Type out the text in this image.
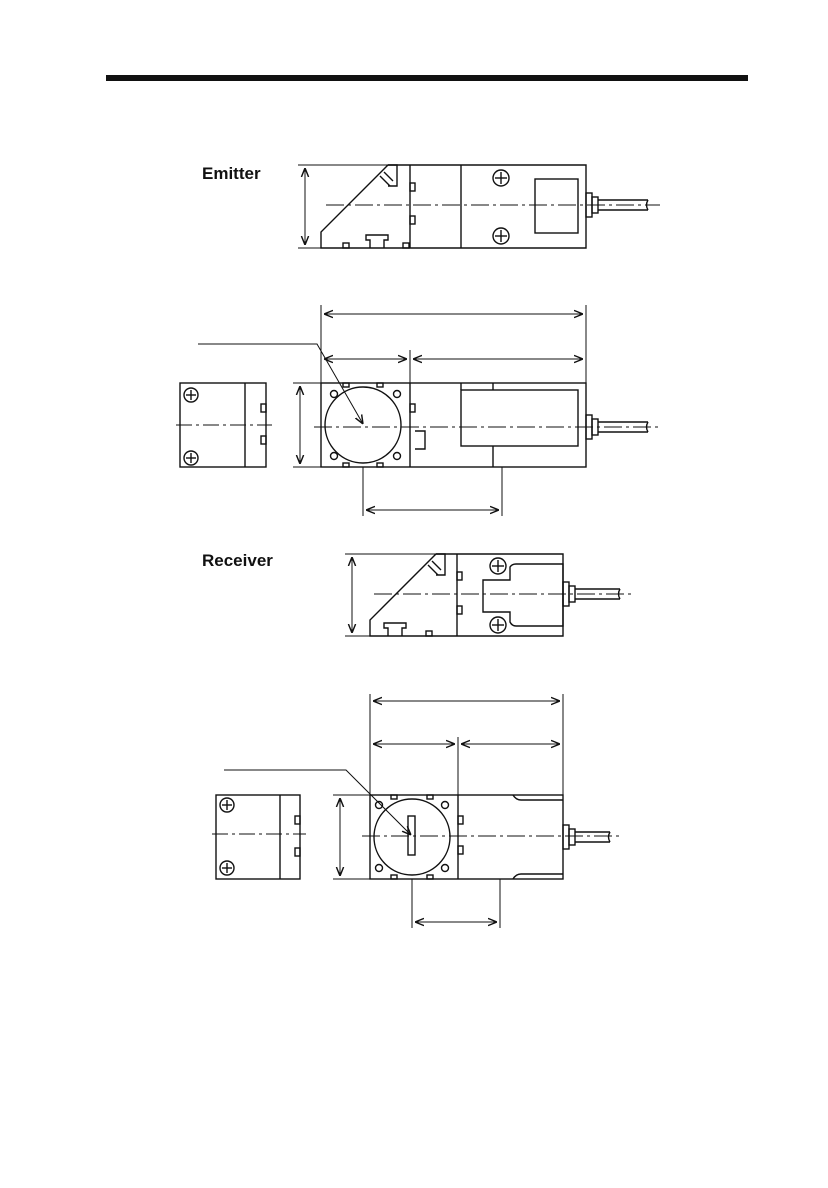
Emitter
Receiver
